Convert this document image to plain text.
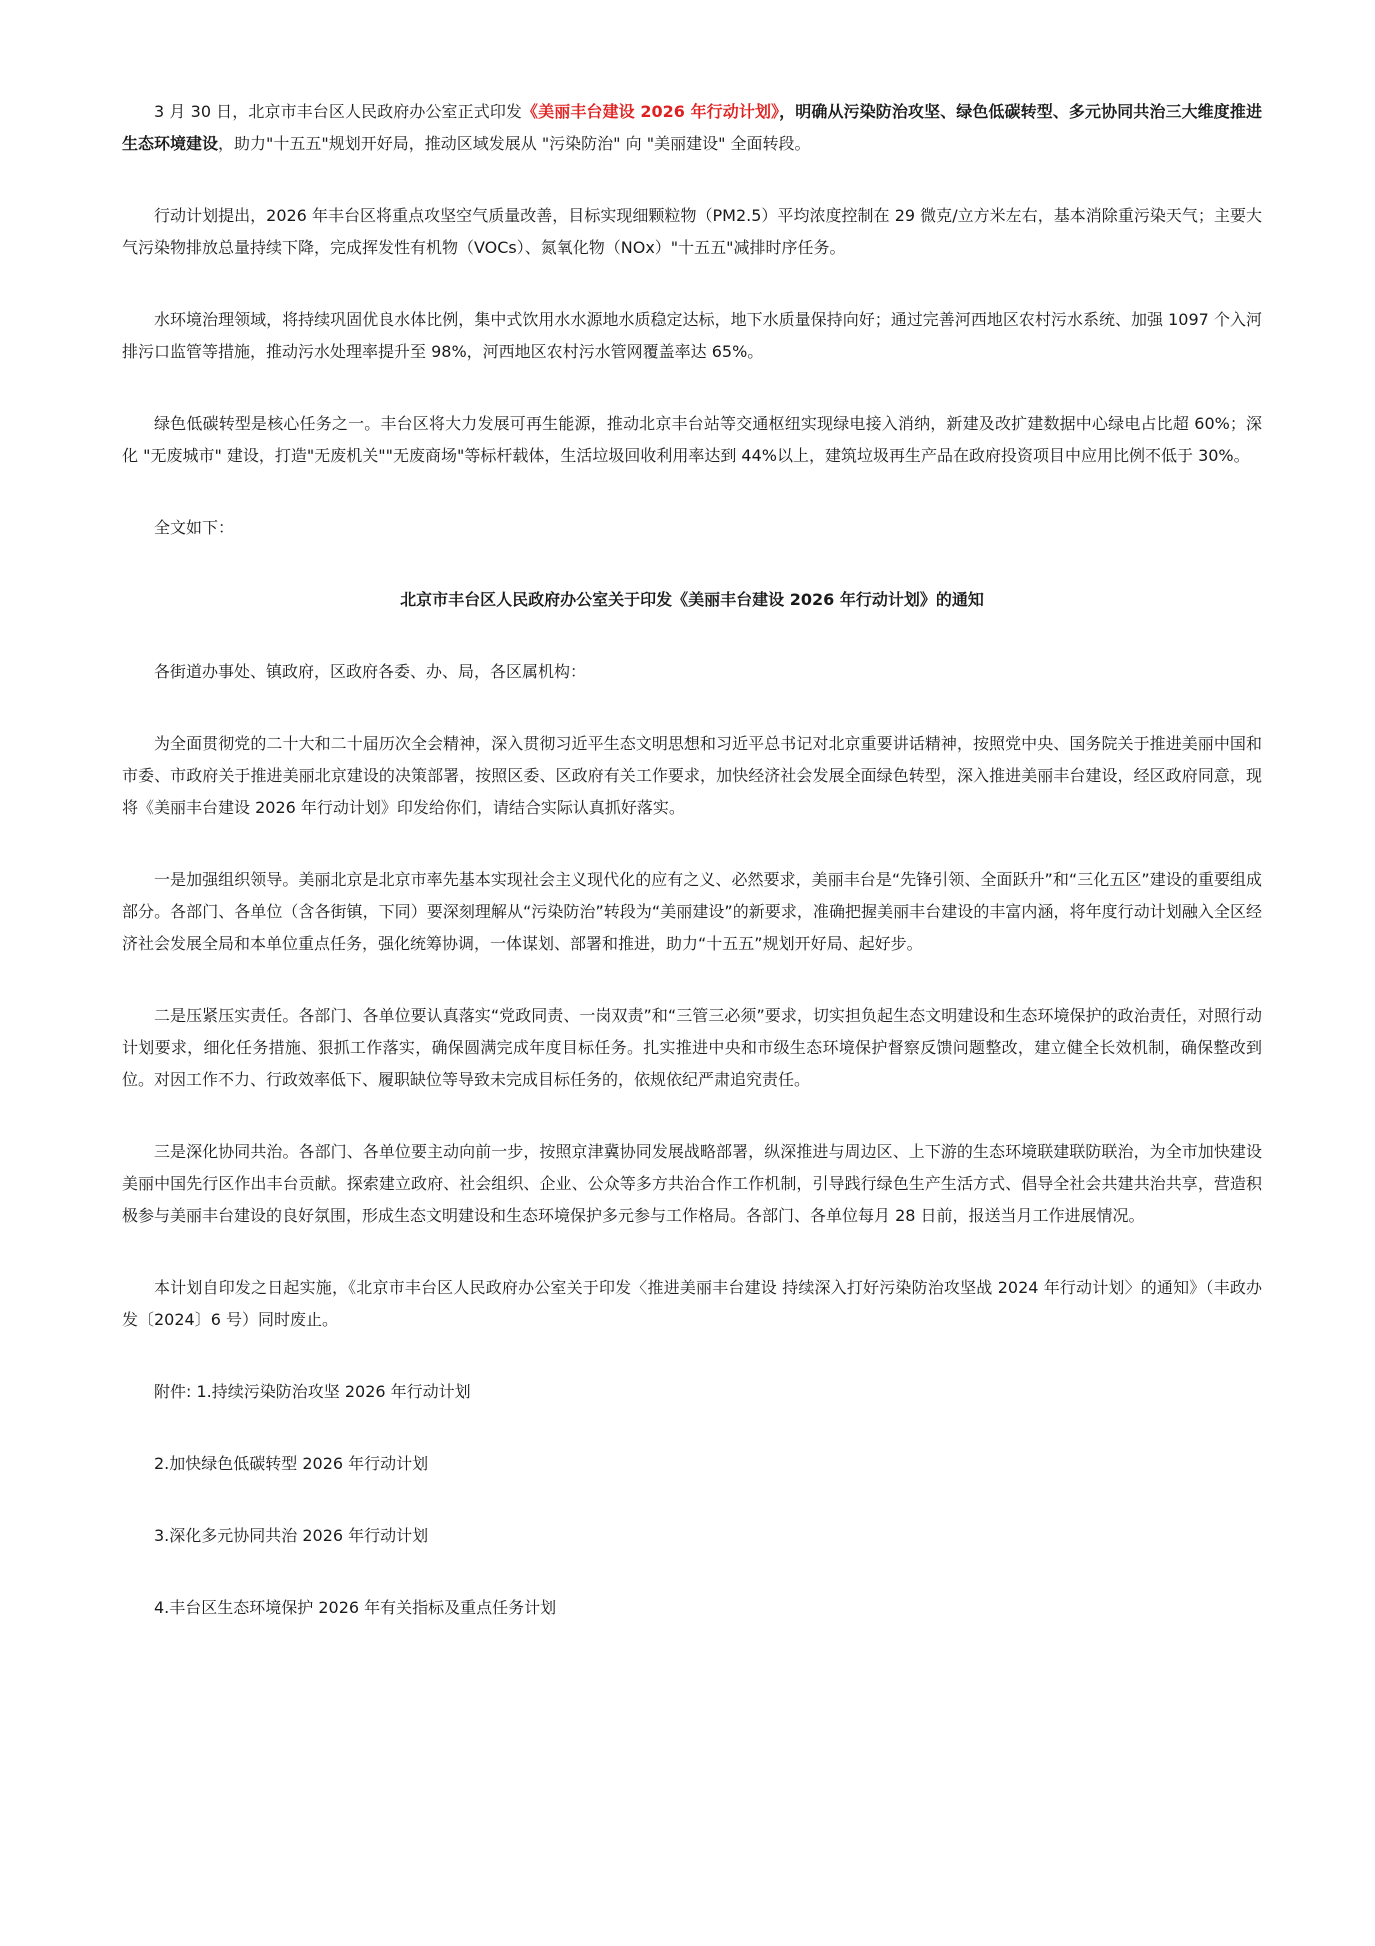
3 月 30 日，北京市丰台区人民政府办公室正式印发《美丽丰台建设 2026 年行动计划》，明确从污染防治攻坚、绿色低碳转型、多元协同共治三大维度推进生态环境建设，助力"十五五"规划开好局，推动区域发展从 "污染防治" 向 "美丽建设" 全面转段。

行动计划提出，2026 年丰台区将重点攻坚空气质量改善，目标实现细颗粒物（PM2.5）平均浓度控制在 29 微克/立方米左右，基本消除重污染天气；主要大气污染物排放总量持续下降，完成挥发性有机物（VOCs）、氮氧化物（NOx）"十五五"减排时序任务。

水环境治理领域，将持续巩固优良水体比例，集中式饮用水水源地水质稳定达标，地下水质量保持向好；通过完善河西地区农村污水系统、加强 1097 个入河排污口监管等措施，推动污水处理率提升至 98%，河西地区农村污水管网覆盖率达 65%。

绿色低碳转型是核心任务之一。丰台区将大力发展可再生能源，推动北京丰台站等交通枢纽实现绿电接入消纳，新建及改扩建数据中心绿电占比超 60%；深化 "无废城市" 建设，打造"无废机关""无废商场"等标杆载体，生活垃圾回收利用率达到 44%以上，建筑垃圾再生产品在政府投资项目中应用比例不低于 30%。

全文如下：

北京市丰台区人民政府办公室关于印发《美丽丰台建设 2026 年行动计划》的通知

各街道办事处、镇政府，区政府各委、办、局，各区属机构：

为全面贯彻党的二十大和二十届历次全会精神，深入贯彻习近平生态文明思想和习近平总书记对北京重要讲话精神，按照党中央、国务院关于推进美丽中国和市委、市政府关于推进美丽北京建设的决策部署，按照区委、区政府有关工作要求，加快经济社会发展全面绿色转型，深入推进美丽丰台建设，经区政府同意，现将《美丽丰台建设 2026 年行动计划》印发给你们，请结合实际认真抓好落实。

一是加强组织领导。美丽北京是北京市率先基本实现社会主义现代化的应有之义、必然要求，美丽丰台是“先锋引领、全面跃升”和“三化五区”建设的重要组成部分。各部门、各单位（含各街镇，下同）要深刻理解从“污染防治”转段为“美丽建设”的新要求，准确把握美丽丰台建设的丰富内涵，将年度行动计划融入全区经济社会发展全局和本单位重点任务，强化统筹协调，一体谋划、部署和推进，助力“十五五”规划开好局、起好步。

二是压紧压实责任。各部门、各单位要认真落实“党政同责、一岗双责”和“三管三必须”要求，切实担负起生态文明建设和生态环境保护的政治责任，对照行动计划要求，细化任务措施、狠抓工作落实，确保圆满完成年度目标任务。扎实推进中央和市级生态环境保护督察反馈问题整改，建立健全长效机制，确保整改到位。对因工作不力、行政效率低下、履职缺位等导致未完成目标任务的，依规依纪严肃追究责任。

三是深化协同共治。各部门、各单位要主动向前一步，按照京津冀协同发展战略部署，纵深推进与周边区、上下游的生态环境联建联防联治，为全市加快建设美丽中国先行区作出丰台贡献。探索建立政府、社会组织、企业、公众等多方共治合作工作机制，引导践行绿色生产生活方式、倡导全社会共建共治共享，营造积极参与美丽丰台建设的良好氛围，形成生态文明建设和生态环境保护多元参与工作格局。各部门、各单位每月 28 日前，报送当月工作进展情况。

本计划自印发之日起实施，《北京市丰台区人民政府办公室关于印发〈推进美丽丰台建设 持续深入打好污染防治攻坚战 2024 年行动计划〉的通知》（丰政办发〔2024〕6 号）同时废止。

附件: 1.持续污染防治攻坚 2026 年行动计划

2.加快绿色低碳转型 2026 年行动计划

3.深化多元协同共治 2026 年行动计划

4.丰台区生态环境保护 2026 年有关指标及重点任务计划
